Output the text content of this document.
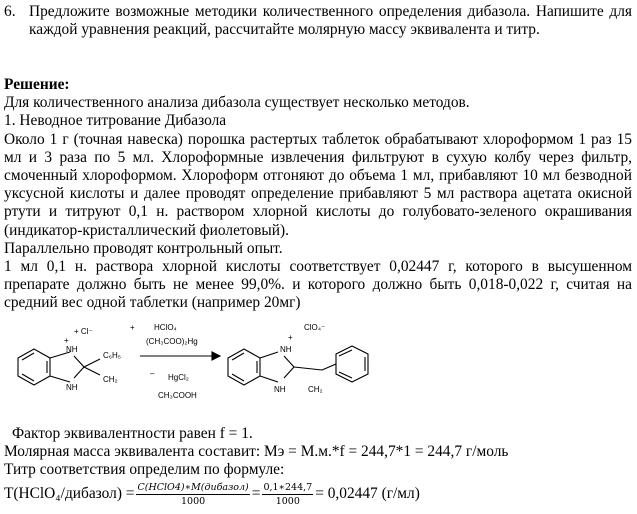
6. Предложите возможные методики количественного определения дибазола. Напишите для каждой уравнения реакций, рассчитайте молярную массу эквивалента и титр.

Решение:

Для количественного анализа дибазола существует несколько методов.

1. Неводное титрование Дибазола

Около 1 г (точная навеска) порошка растертых таблеток обрабатывают хлороформом 1 раз 15 мл и 3 раза по 5 мл. Хлороформные извлечения фильтруют в сухую колбу через фильтр, смоченный хлороформом. Хлороформ отгоняют до объема 1 мл, прибавляют 10 мл безводной уксусной кислоты и далее проводят определение прибавляют 5 мл раствора ацетата окисной ртути и титруют 0,1 н. раствором хлорной кислоты до голубовато-зеленого окрашивания (индикатор-кристаллический фиолетовый).

Параллельно проводят контрольный опыт.

1 мл 0,1 н. раствора хлорной кислоты соответствует 0,02447 г, которого в высушенном препарате должно быть не менее 99,0%. и которого должно быть 0,018-0,022 г, считая на средний вес одной таблетки (например 20мг)

+ Cl⁻
+
NH
C₆H₅
CH₂
NH
+ HClO₄
(CH₃COO)₂Hg
– HgCl₂
CH₃COOH
ClO₄⁻
+
NH
NH	CH₂

Фактор эквивалентности равен f = 1.

Молярная масса эквивалента составит: Мэ = М.м.*f = 244,7*1 = 244,7 г/моль

Титр соответствия определим по формуле:

Т(HClO₄/дибазол) = $\frac{\text{C(HClO4)∗M(дибазол)}}{1000} = \frac{0,1∗244,7}{1000} = 0,02447$ (г/мл)
